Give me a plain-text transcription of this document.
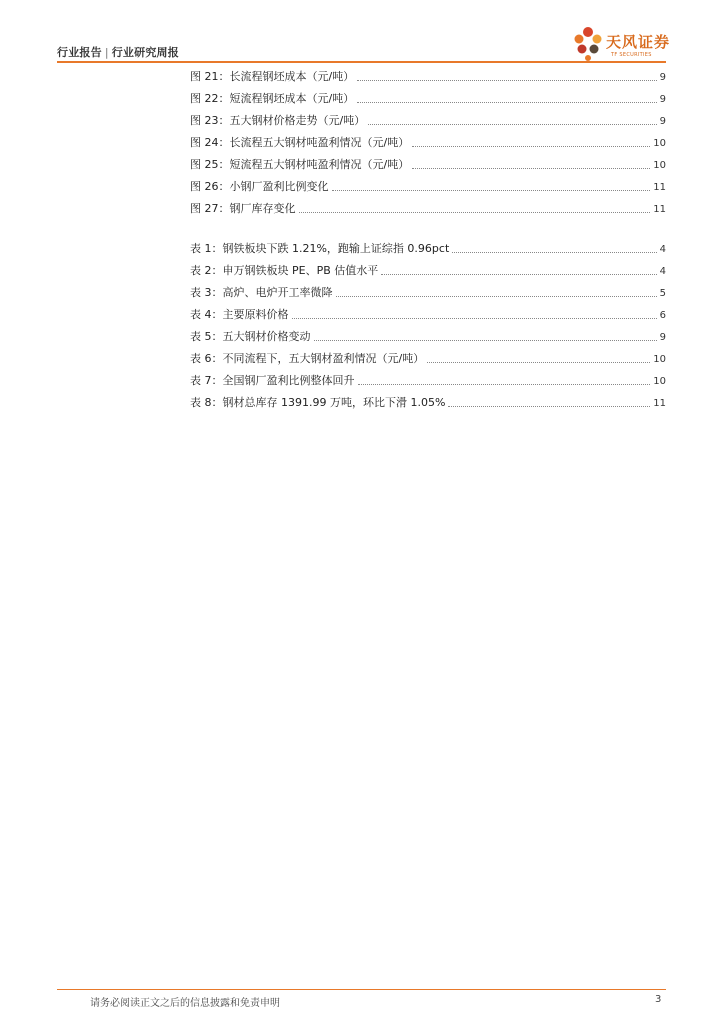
行业报告 | 行业研究周报
天风证券
TF SECURITIES
图 21：长流程钢坯成本（元/吨）	9
图 22：短流程钢坯成本（元/吨）	9
图 23：五大钢材价格走势（元/吨）	9
图 24：长流程五大钢材吨盈利情况（元/吨）	10
图 25：短流程五大钢材吨盈利情况（元/吨）	10
图 26：小钢厂盈利比例变化	11
图 27：钢厂库存变化	11
表 1：钢铁板块下跌 1.21%，跑输上证综指 0.96pct	4
表 2：申万钢铁板块 PE、PB 估值水平	4
表 3：高炉、电炉开工率微降	5
表 4：主要原料价格	6
表 5：五大钢材价格变动	9
表 6：不同流程下，五大钢材盈利情况（元/吨）	10
表 7：全国钢厂盈利比例整体回升	10
表 8：钢材总库存 1391.99 万吨，环比下滑 1.05%	11
请务必阅读正文之后的信息披露和免责申明	3
